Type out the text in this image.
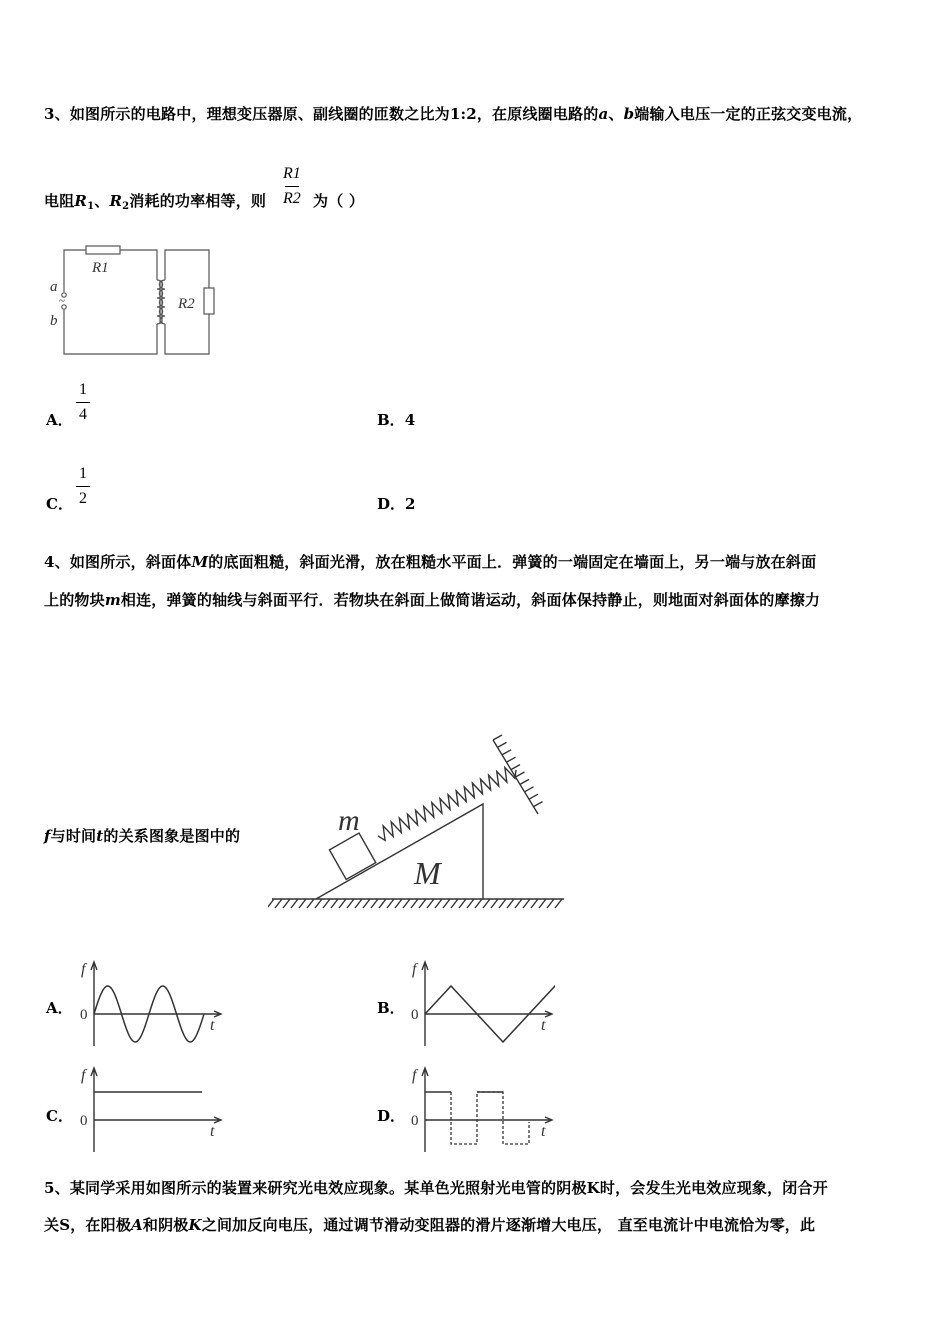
3、如图所示的电路中，理想变压器原、副线圈的匝数之比为1:2，在原线圈电路的a、b端输入电压一定的正弦交变电流，
电阻$R_1$、$R_2$消耗的功率相等，则
R1
R2 为（ ）
R1
R2
a
b
~
A．
1
4	B．4
C．
1
2	D．2
4、如图所示，斜面体M的底面粗糙，斜面光滑，放在粗糙水平面上．弹簧的一端固定在墙面上，另一端与放在斜面
上的物块m相连，弹簧的轴线与斜面平行．若物块在斜面上做简谐运动，斜面体保持静止，则地面对斜面体的摩擦力
f与时间t的关系图象是图中的	m
M
A．
f
t
0	B．
f
t
0
C．
f
t
0	D．
f
t
0
5、某同学采用如图所示的装置来研究光电效应现象。某单色光照射光电管的阴极K时，会发生光电效应现象，闭合开
关S，在阳极A和阴极K之间加反向电压，通过调节滑动变阻器的滑片逐渐增大电压， 直至电流计中电流恰为零，此
